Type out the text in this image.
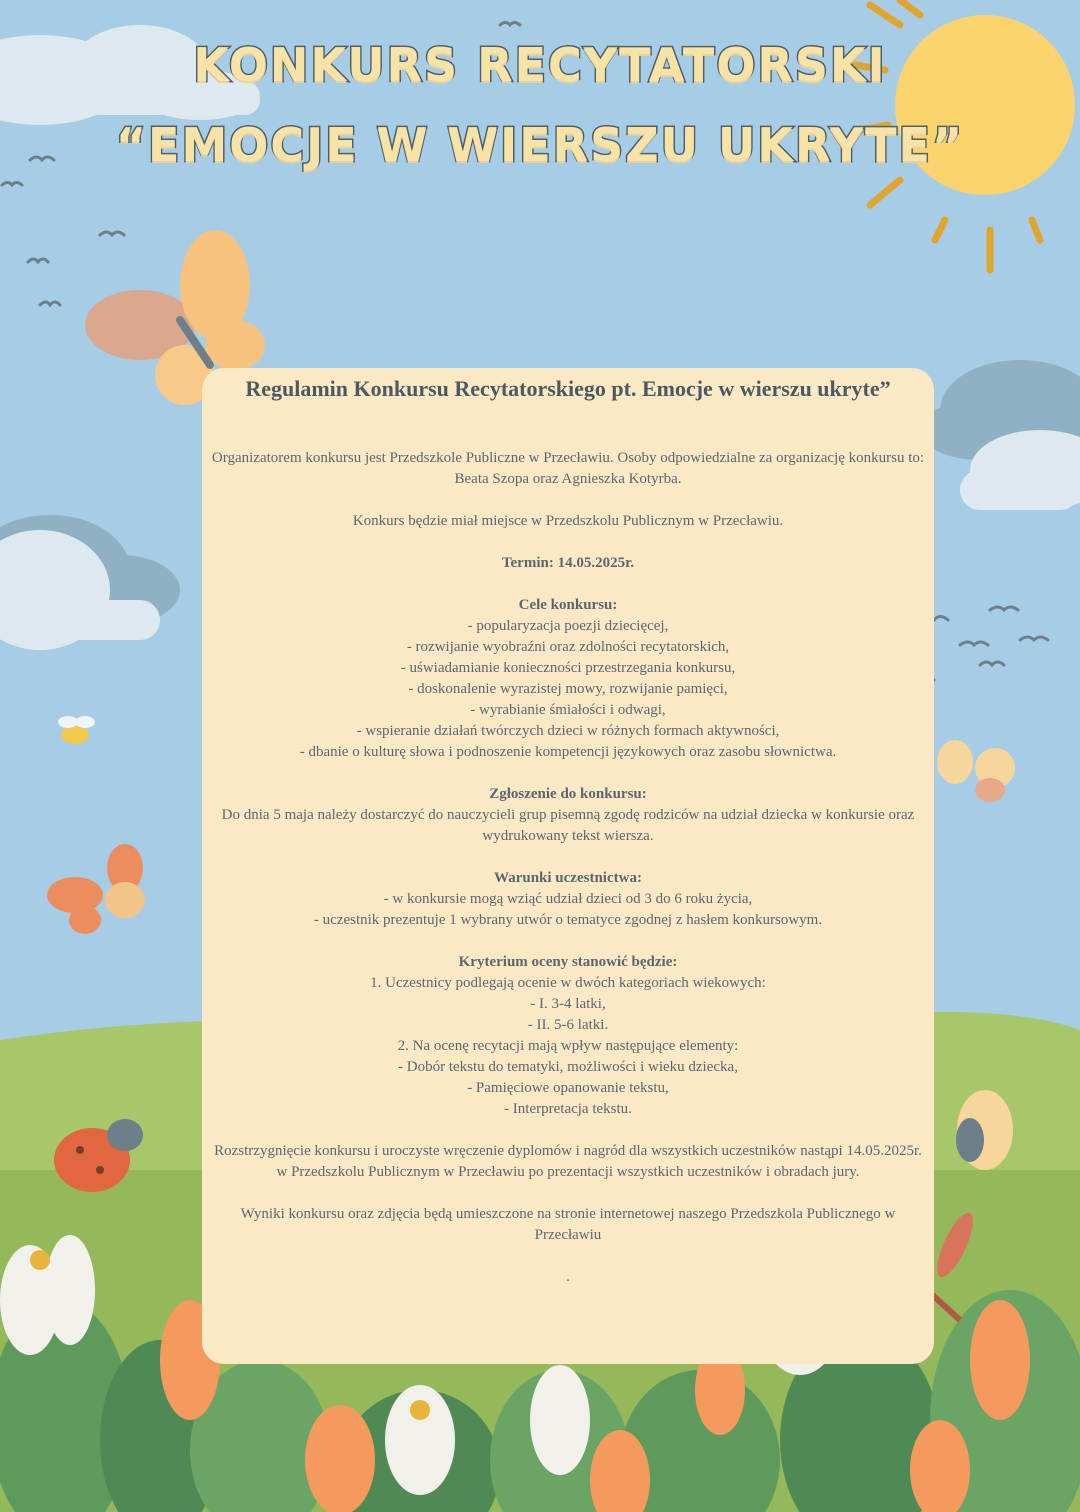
KONKURS RECYTATORSKI
“EMOCJE W WIERSZU UKRYTE”
Regulamin Konkursu Recytatorskiego pt. Emocje w wierszu ukryte”

Organizatorem konkursu jest Przedszkole Publiczne w Przecławiu. Osoby odpowiedzialne za organizację konkursu to: Beata Szopa oraz Agnieszka Kotyrba.

Konkurs będzie miał miejsce w Przedszkolu Publicznym w Przecławiu.

Termin: 14.05.2025r.

Cele konkursu:
- popularyzacja poezji dziecięcej,
- rozwijanie wyobraźni oraz zdolności recytatorskich,
- uświadamianie konieczności przestrzegania konkursu,
- doskonalenie wyrazistej mowy, rozwijanie pamięci,
- wyrabianie śmiałości i odwagi,
- wspieranie działań twórczych dzieci w różnych formach aktywności,
- dbanie o kulturę słowa i podnoszenie kompetencji językowych oraz zasobu słownictwa.

Zgłoszenie do konkursu:
Do dnia 5 maja należy dostarczyć do nauczycieli grup pisemną zgodę rodziców na udział dziecka w konkursie oraz wydrukowany tekst wiersza.

Warunki uczestnictwa:
- w konkursie mogą wziąć udział dzieci od 3 do 6 roku życia,
- uczestnik prezentuje 1 wybrany utwór o tematyce zgodnej z hasłem konkursowym.

Kryterium oceny stanowić będzie:
1. Uczestnicy podlegają ocenie w dwóch kategoriach wiekowych:
- I. 3-4 latki,
- II. 5-6 latki.
2. Na ocenę recytacji mają wpływ następujące elementy:
- Dobór tekstu do tematyki, możliwości i wieku dziecka,
- Pamięciowe opanowanie tekstu,
- Interpretacja tekstu.

Rozstrzygnięcie konkursu i uroczyste wręczenie dyplomów i nagród dla wszystkich uczestników nastąpi 14.05.2025r. w Przedszkolu Publicznym w Przecławiu po prezentacji wszystkich uczestników i obradach jury.

Wyniki konkursu oraz zdjęcia będą umieszczone na stronie internetowej naszego Przedszkola Publicznego w Przecławiu

.
